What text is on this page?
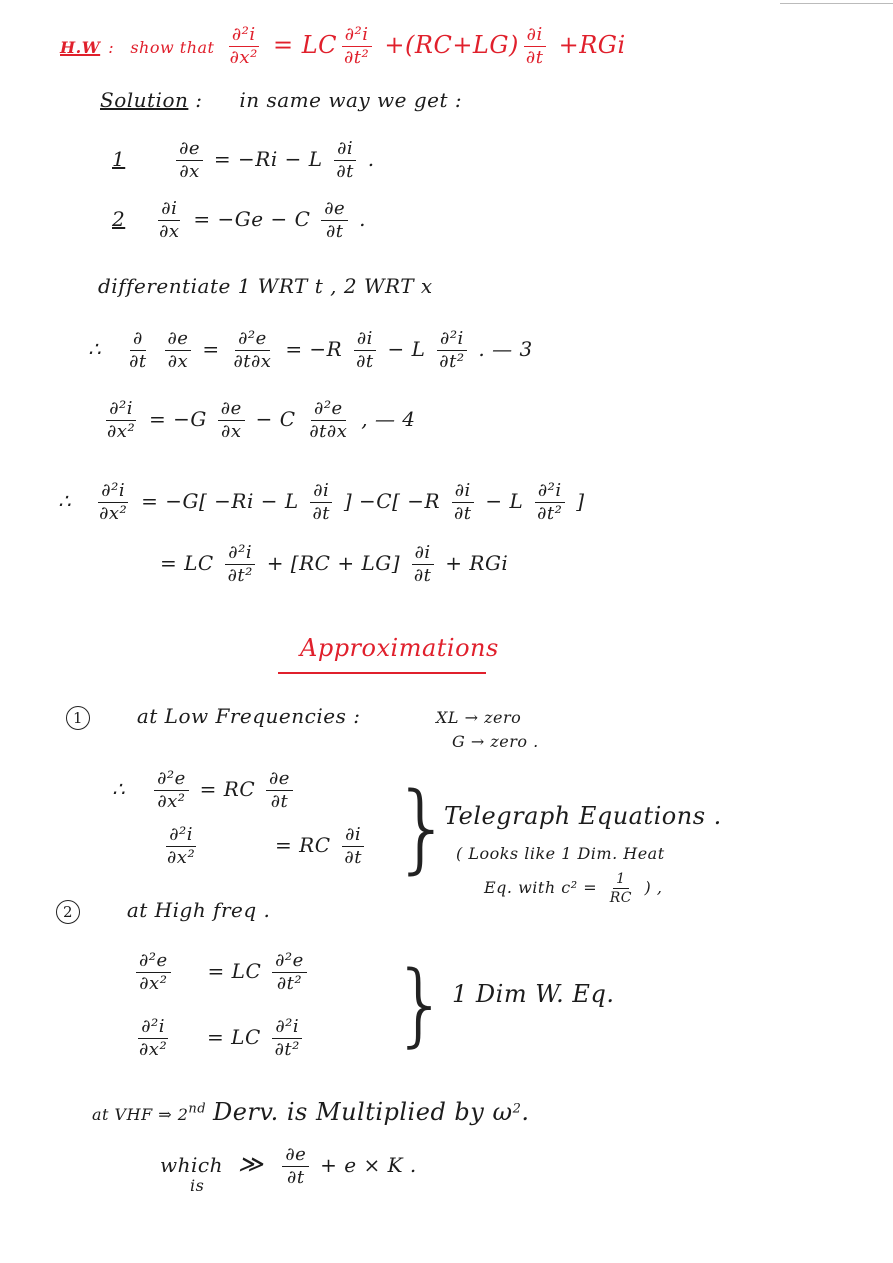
H.W : show that $\frac{\text{∂²i}}{\text{∂x²}}$ = LC $\frac{\text{∂²i}}{\text{∂t²}} +(RC+LG) \frac{\partial i}{\partial t} +RGi$
Solution : in same way we get :
1	$\frac{\partial e}{\partial x} = -Ri - L \frac{\partial i}{\partial t}$ .
$2 \frac{\partial i}{\partial x} = -Ge - C \frac{\partial e}{\partial t}$ .
differentiate 1 WRT t , 2 WRT x
∴ $\frac{\partial}{\partial t}$
$\frac{\partial e}{\partial x} = \frac{\text{∂²e}}{\partial t\partial x} = -R \frac{\partial i}{\partial t} - L \frac{\text{∂²i}}{\text{∂t²}}$ . — 3
$\frac{\text{∂²i}}{\text{∂x²}} = -G \frac{\partial e}{\partial x} - C \frac{\text{∂²e}}{\partial t\partial x}$ , — 4
∴ $\frac{\text{∂²i}}{\text{∂x²}} = -G[ -Ri - L \frac{\partial i}{\partial t}$ ] $-C[ -R \frac{\partial i}{\partial t} - L \frac{\text{∂²i}}{\text{∂t²}}$ ]
= LC $\frac{\text{∂²i}}{\text{∂t²}} + [RC + LG] \frac{\partial i}{\partial t}$ + RGi
Approximations
1	at Low Frequencies :	XL → zero
G → zero .
∴ $\frac{\text{∂²e}}{\text{∂x²}}$ = RC $\frac{\partial e}{\partial t}$
$\frac{\text{∂²i}}{\text{∂x²}}$	= RC $\frac{\partial i}{\partial t}$ }
Telegraph Equations .
( Looks like 1 Dim. Heat
Eq. with $c^2 = \frac{1}{RC}$ ) ,
2	at High freq .
$\frac{\text{∂²e}}{\text{∂x²}}$ = LC $\frac{\text{∂²e}}{\text{∂t²}}$
$\frac{\text{∂²i}}{\text{∂x²}}$ = LC $\frac{\text{∂²i}}{\text{∂t²}}$ } 1 Dim W. Eq.
at VHF ⇒ 2nd Derv. is Multiplied by $\omega^2$.
which ≫ $\frac{\partial e}{\partial t} + e \times K$ .
is
